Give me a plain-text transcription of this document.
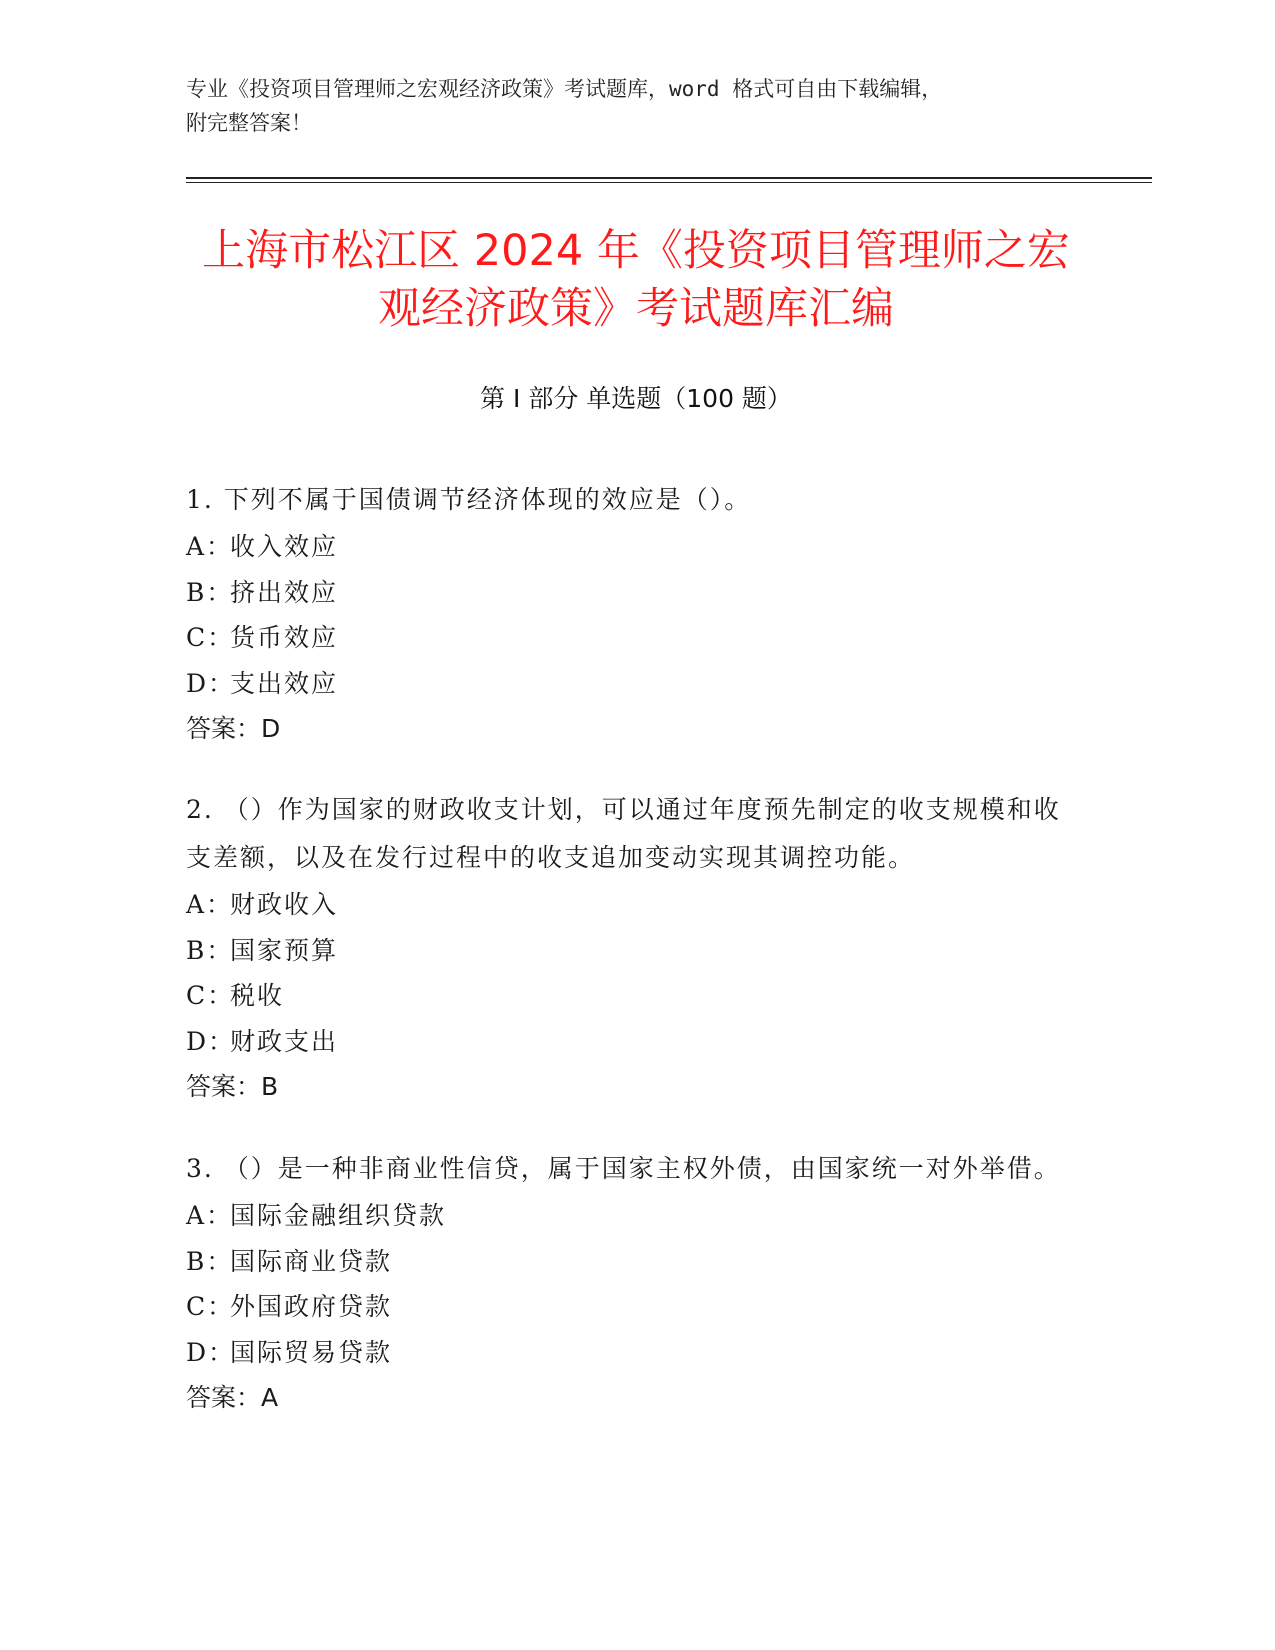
专业《投资项目管理师之宏观经济政策》考试题库，word 格式可自由下载编辑，
附完整答案！
上海市松江区 2024 年《投资项目管理师之宏
观经济政策》考试题库汇编
第 I 部分 单选题（100 题）

1. 下列不属于国债调节经济体现的效应是（）。

A：收入效应

B：挤出效应

C：货币效应

D：支出效应

答案：D

2. （）作为国家的财政收支计划，可以通过年度预先制定的收支规模和收支差额，以及在发行过程中的收支追加变动实现其调控功能。

A：财政收入

B：国家预算

C：税收

D：财政支出

答案：B

3. （）是一种非商业性信贷，属于国家主权外债，由国家统一对外举借。

A：国际金融组织贷款

B：国际商业贷款

C：外国政府贷款

D：国际贸易贷款

答案：A
